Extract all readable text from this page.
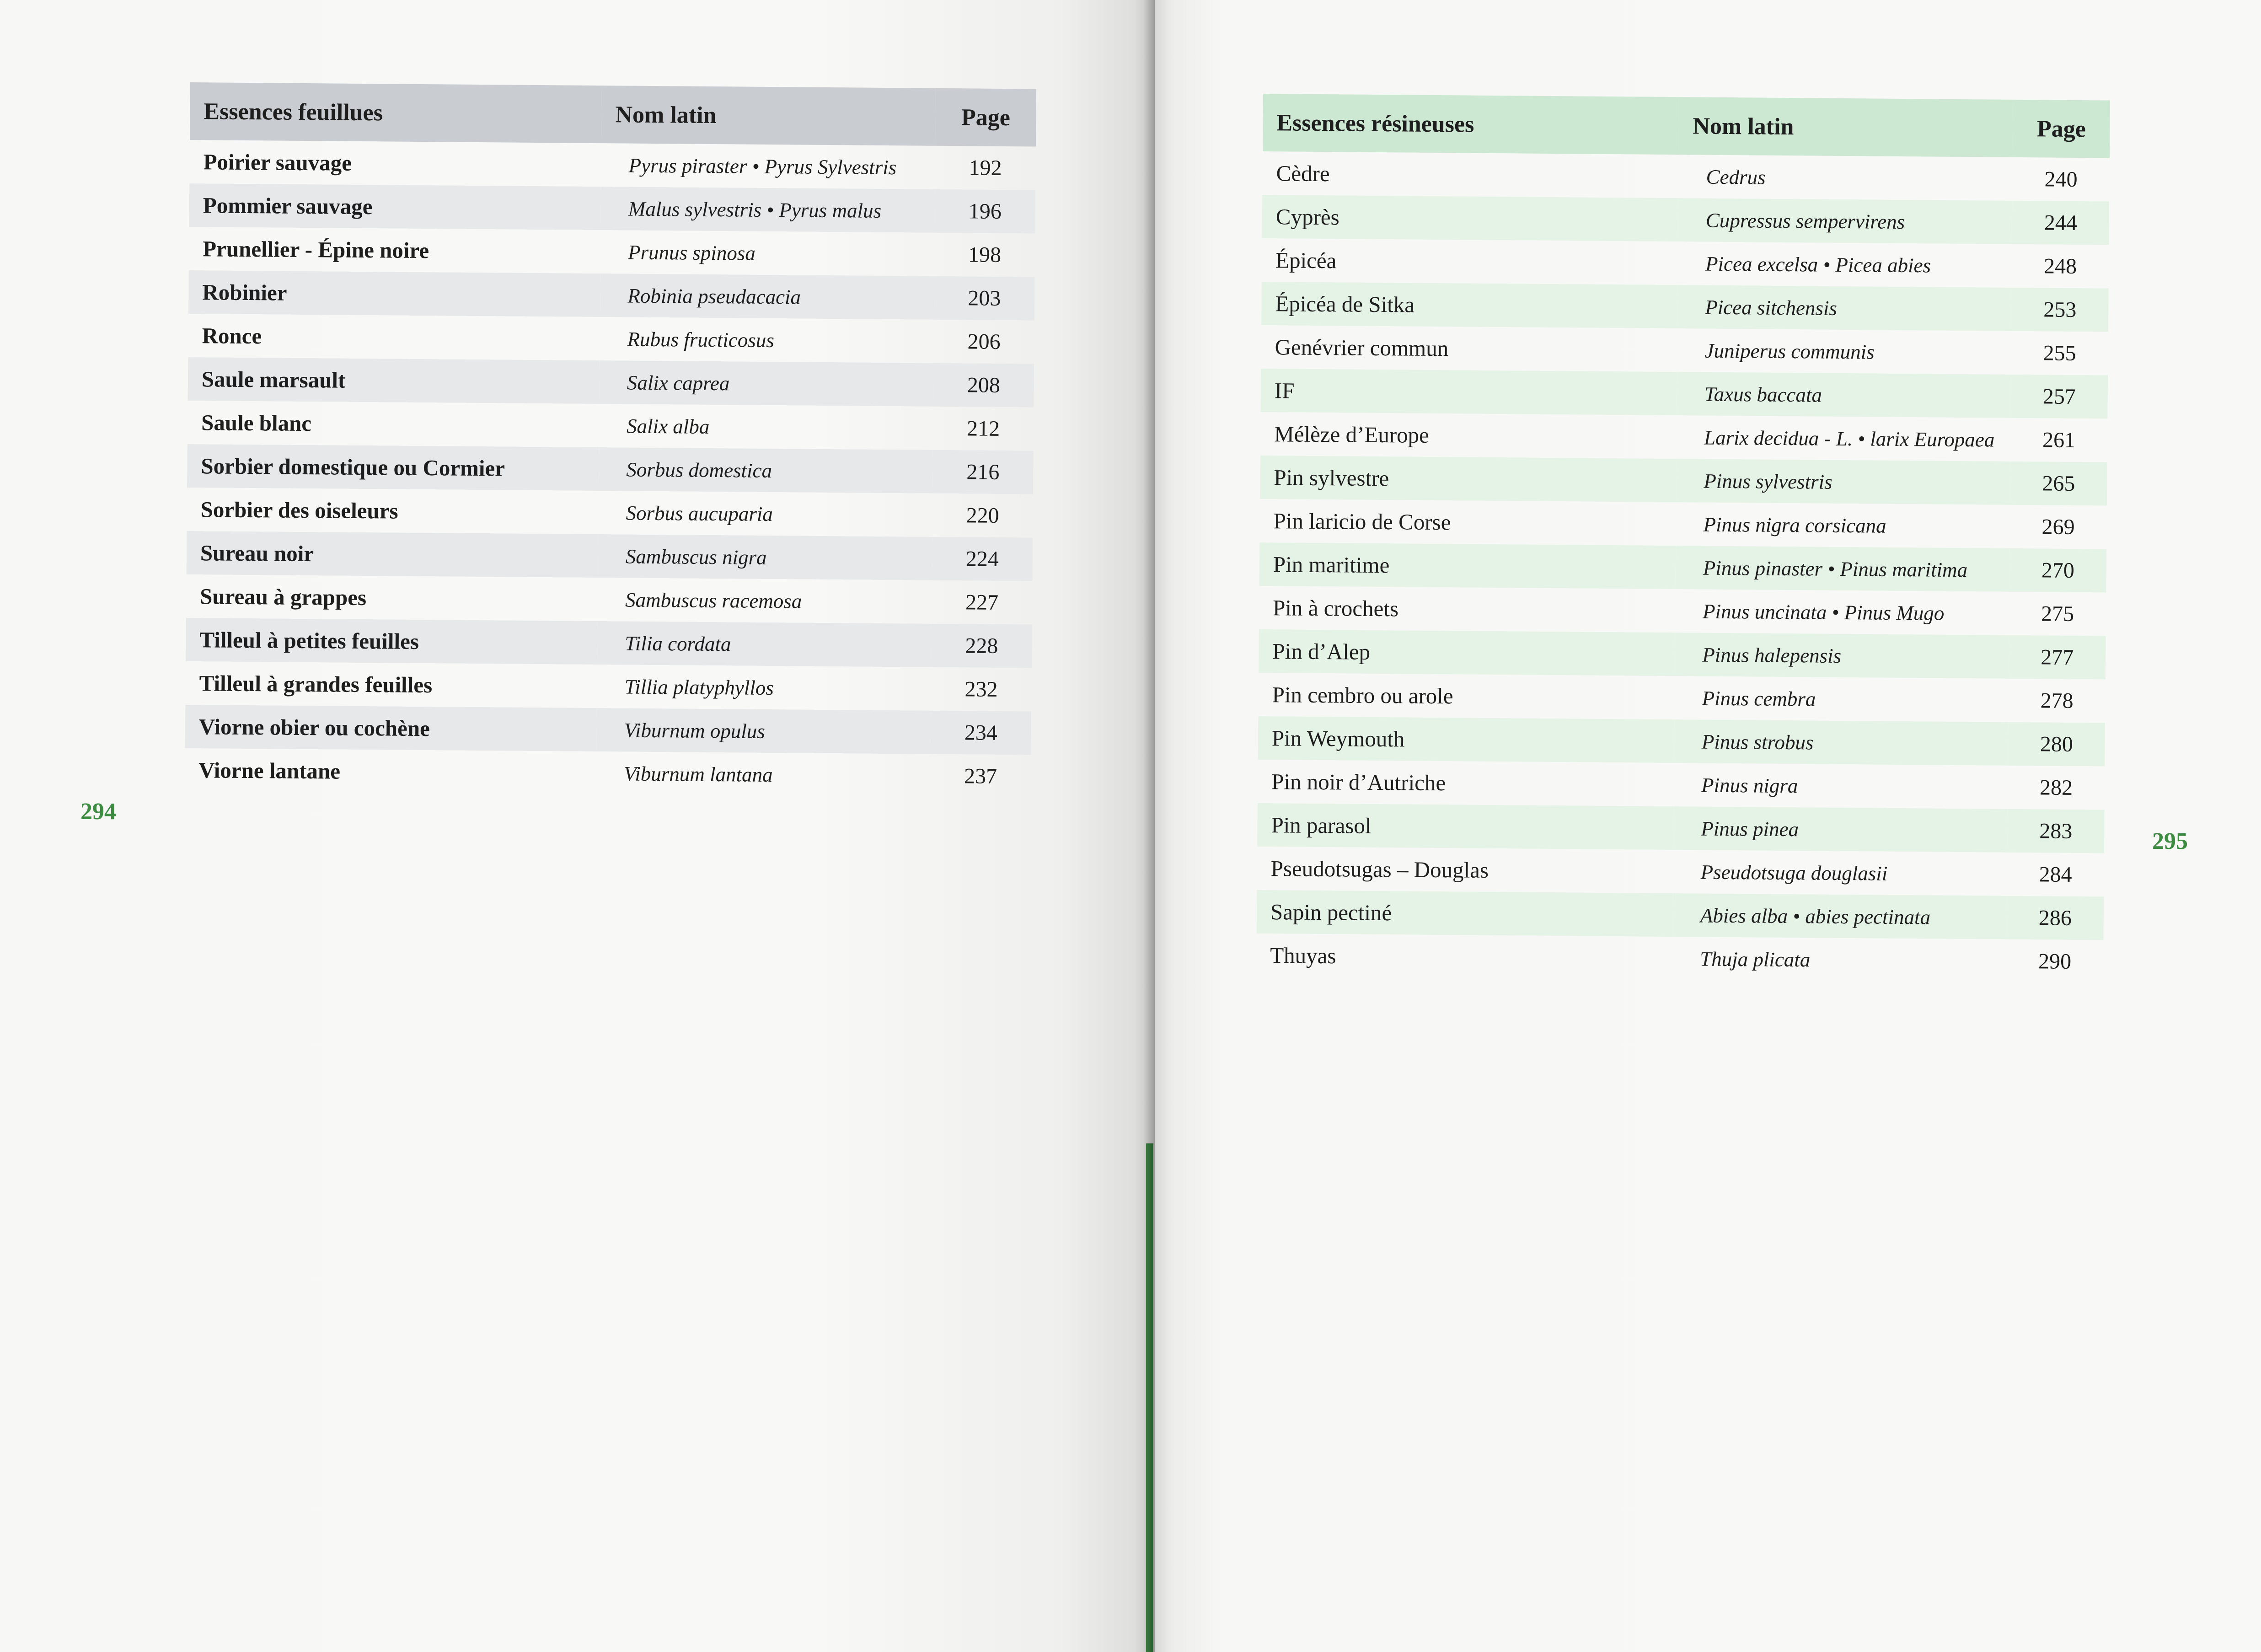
Essences feuillues	Nom latin	Page
Poirier sauvage	Pyrus piraster • Pyrus Sylvestris	192
Pommier sauvage	Malus sylvestris • Pyrus malus	196
Prunellier - Épine noire	Prunus spinosa	198
Robinier	Robinia pseudacacia	203
Ronce	Rubus fructicosus	206
Saule marsault	Salix caprea	208
Saule blanc	Salix alba	212
Sorbier domestique ou Cormier	Sorbus domestica	216
Sorbier des oiseleurs	Sorbus aucuparia	220
Sureau noir	Sambuscus nigra	224
Sureau à grappes	Sambuscus racemosa	227
Tilleul à petites feuilles	Tilia cordata	228
Tilleul à grandes feuilles	Tillia platyphyllos	232
Viorne obier ou cochène	Viburnum opulus	234
Viorne lantane	Viburnum lantana	237
294
295
Essences résineuses	Nom latin	Page
Cèdre	Cedrus	240
Cyprès	Cupressus sempervirens	244
Épicéa	Picea excelsa • Picea abies	248
Épicéa de Sitka	Picea sitchensis	253
Genévrier commun	Juniperus communis	255
IF	Taxus baccata	257
Mélèze d’Europe	Larix decidua - L. • larix Europaea	261
Pin sylvestre	Pinus sylvestris	265
Pin laricio de Corse	Pinus nigra corsicana	269
Pin maritime	Pinus pinaster • Pinus maritima	270
Pin à crochets	Pinus uncinata • Pinus Mugo	275
Pin d’Alep	Pinus halepensis	277
Pin cembro ou arole	Pinus cembra	278
Pin Weymouth	Pinus strobus	280
Pin noir d’Autriche	Pinus nigra	282
Pin parasol	Pinus pinea	283
Pseudotsugas – Douglas	Pseudotsuga douglasii	284
Sapin pectiné	Abies alba • abies pectinata	286
Thuyas	Thuja plicata	290
